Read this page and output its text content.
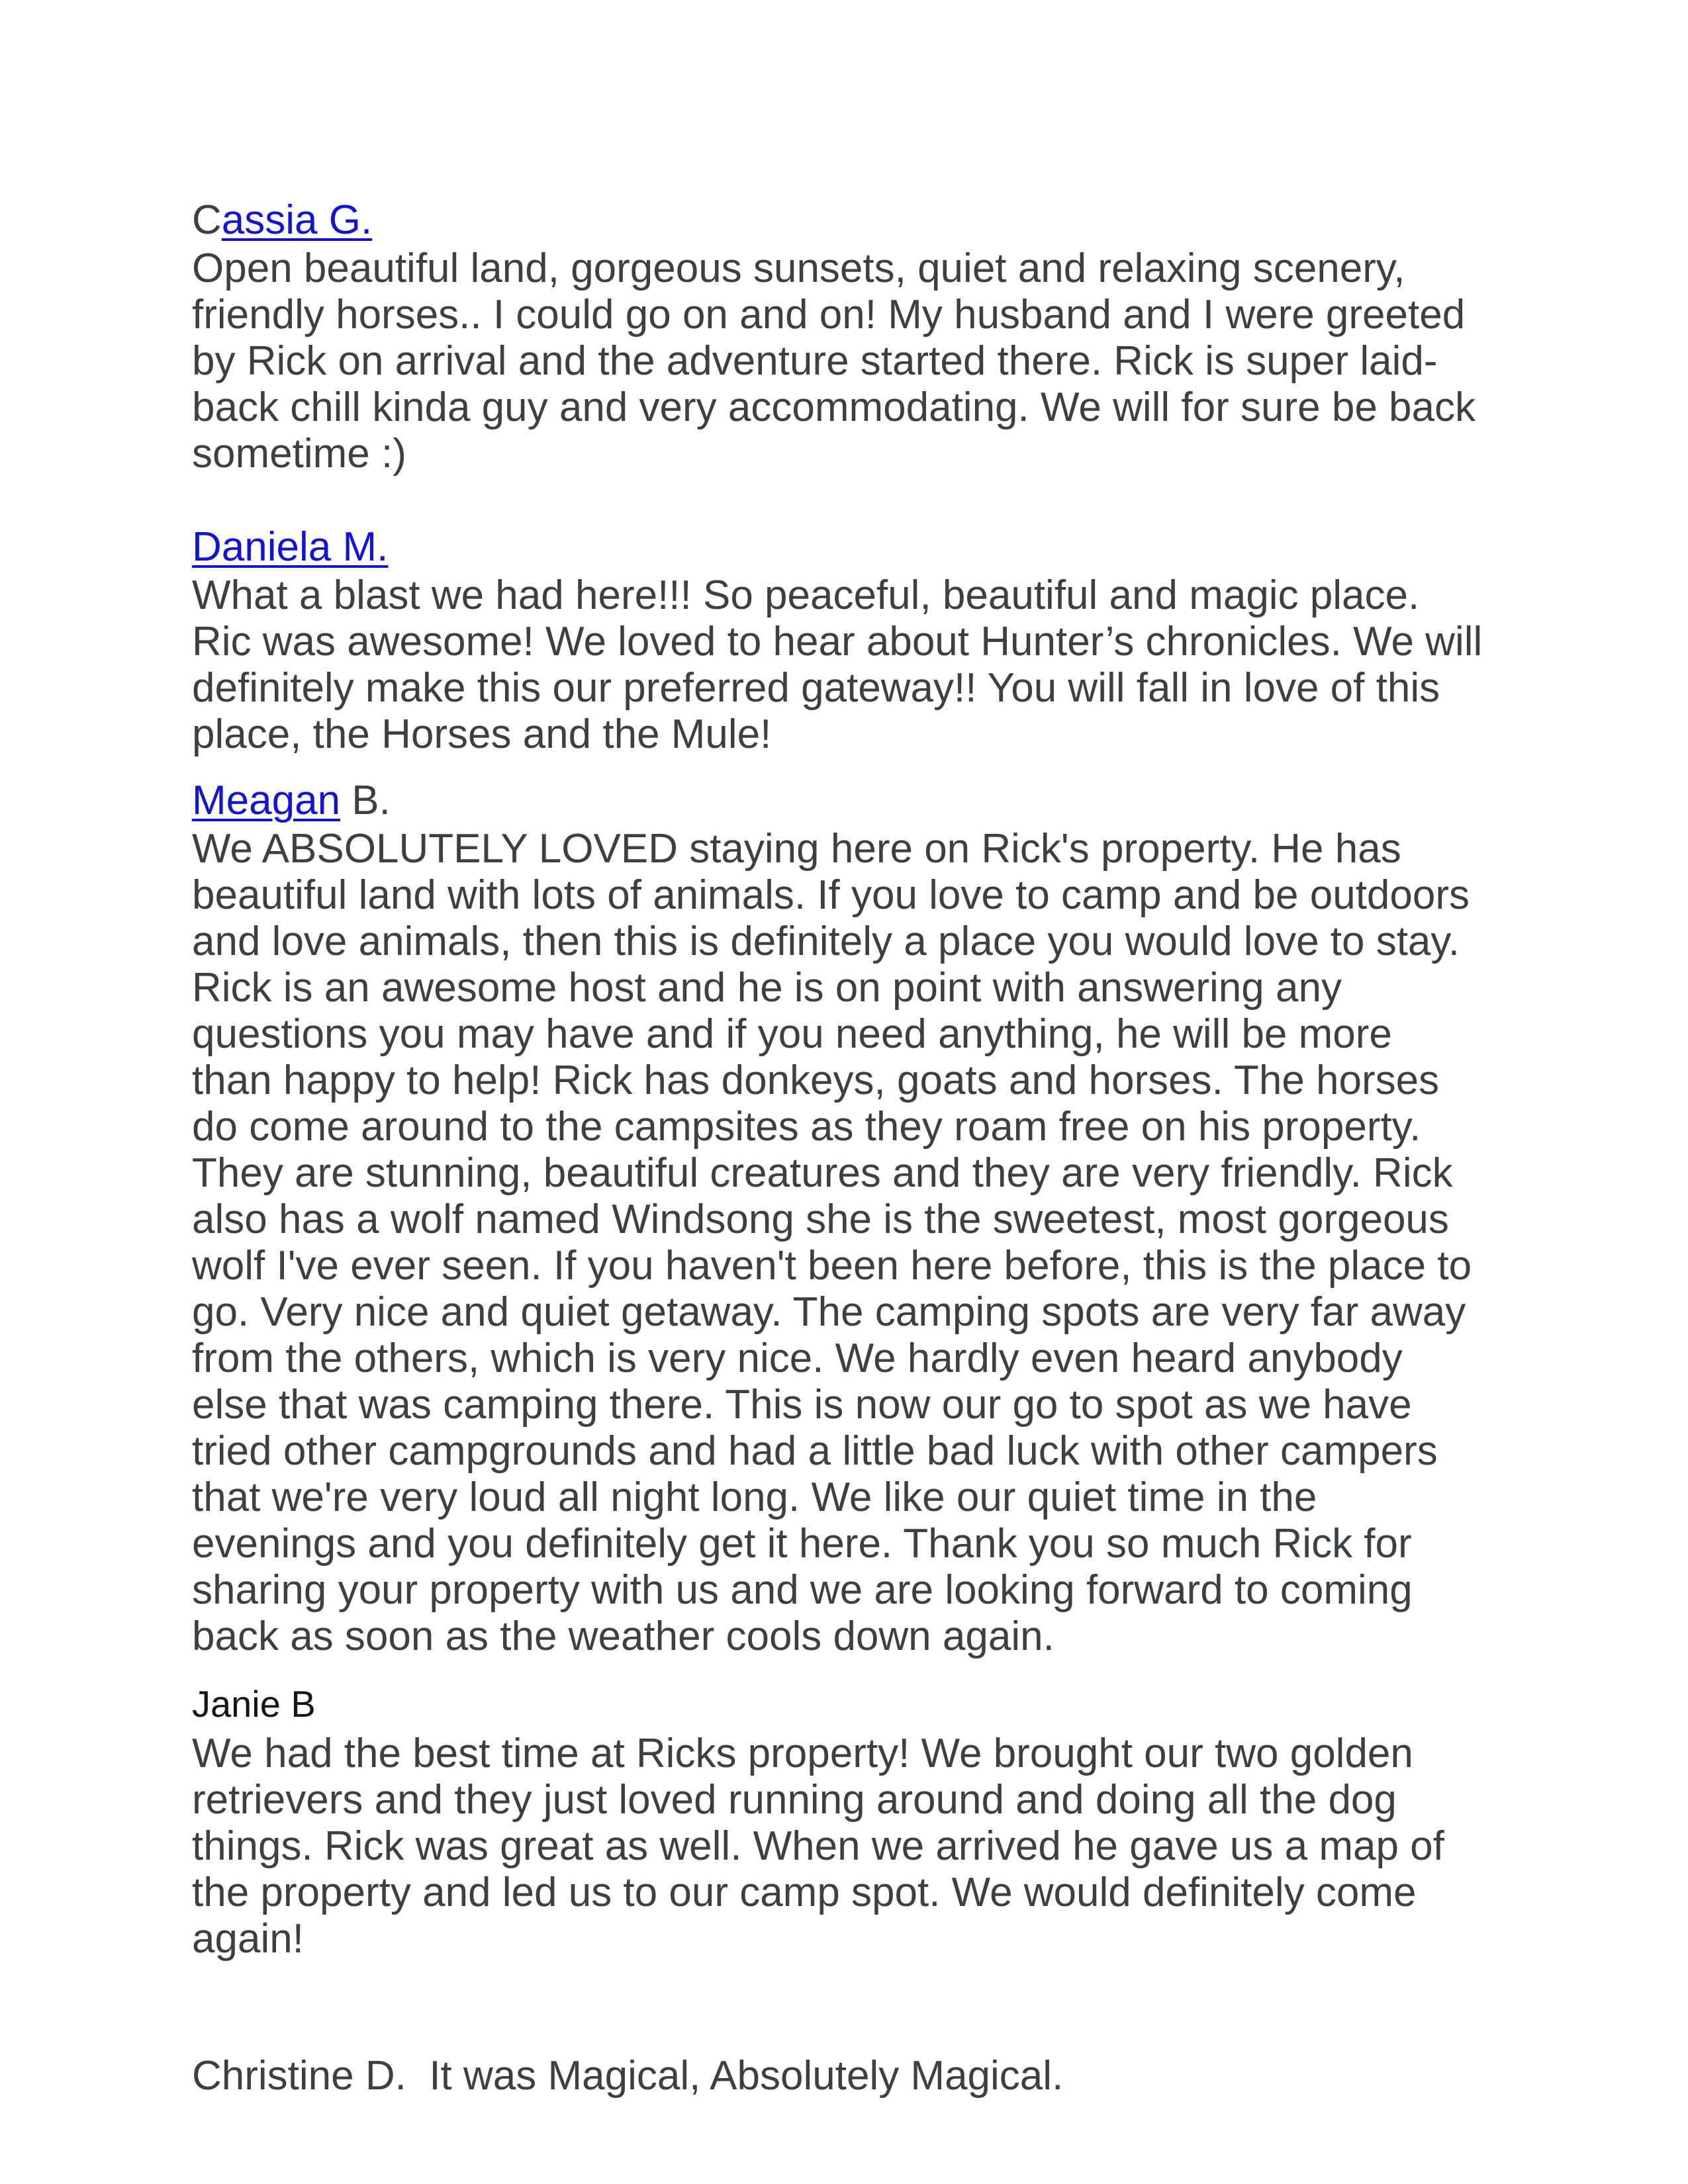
Cassia G.

Open beautiful land, gorgeous sunsets, quiet and relaxing scenery, friendly horses.. I could go on and on! My husband and I were greeted by Rick on arrival and the adventure started there. Rick is super laid-back chill kinda guy and very accommodating. We will for sure be back sometime :)

Daniela M.

What a blast we had here!!! So peaceful, beautiful and magic place. Ric was awesome! We loved to hear about Hunter’s chronicles. We will definitely make this our preferred gateway!! You will fall in love of this place, the Horses and the Mule!

Meagan B.

We ABSOLUTELY LOVED staying here on Rick's property. He has beautiful land with lots of animals. If you love to camp and be outdoors and love animals, then this is definitely a place you would love to stay. Rick is an awesome host and he is on point with answering any questions you may have and if you need anything, he will be more than happy to help! Rick has donkeys, goats and horses. The horses do come around to the campsites as they roam free on his property. They are stunning, beautiful creatures and they are very friendly. Rick also has a wolf named Windsong she is the sweetest, most gorgeous wolf I've ever seen. If you haven't been here before, this is the place to go. Very nice and quiet getaway. The camping spots are very far away from the others, which is very nice. We hardly even heard anybody else that was camping there. This is now our go to spot as we have tried other campgrounds and had a little bad luck with other campers that we're very loud all night long. We like our quiet time in the evenings and you definitely get it here. Thank you so much Rick for sharing your property with us and we are looking forward to coming back as soon as the weather cools down again.

Janie B

We had the best time at Ricks property! We brought our two golden retrievers and they just loved running around and doing all the dog things. Rick was great as well. When we arrived he gave us a map of the property and led us to our camp spot. We would definitely come again!

Christine D.  It was Magical, Absolutely Magical.
